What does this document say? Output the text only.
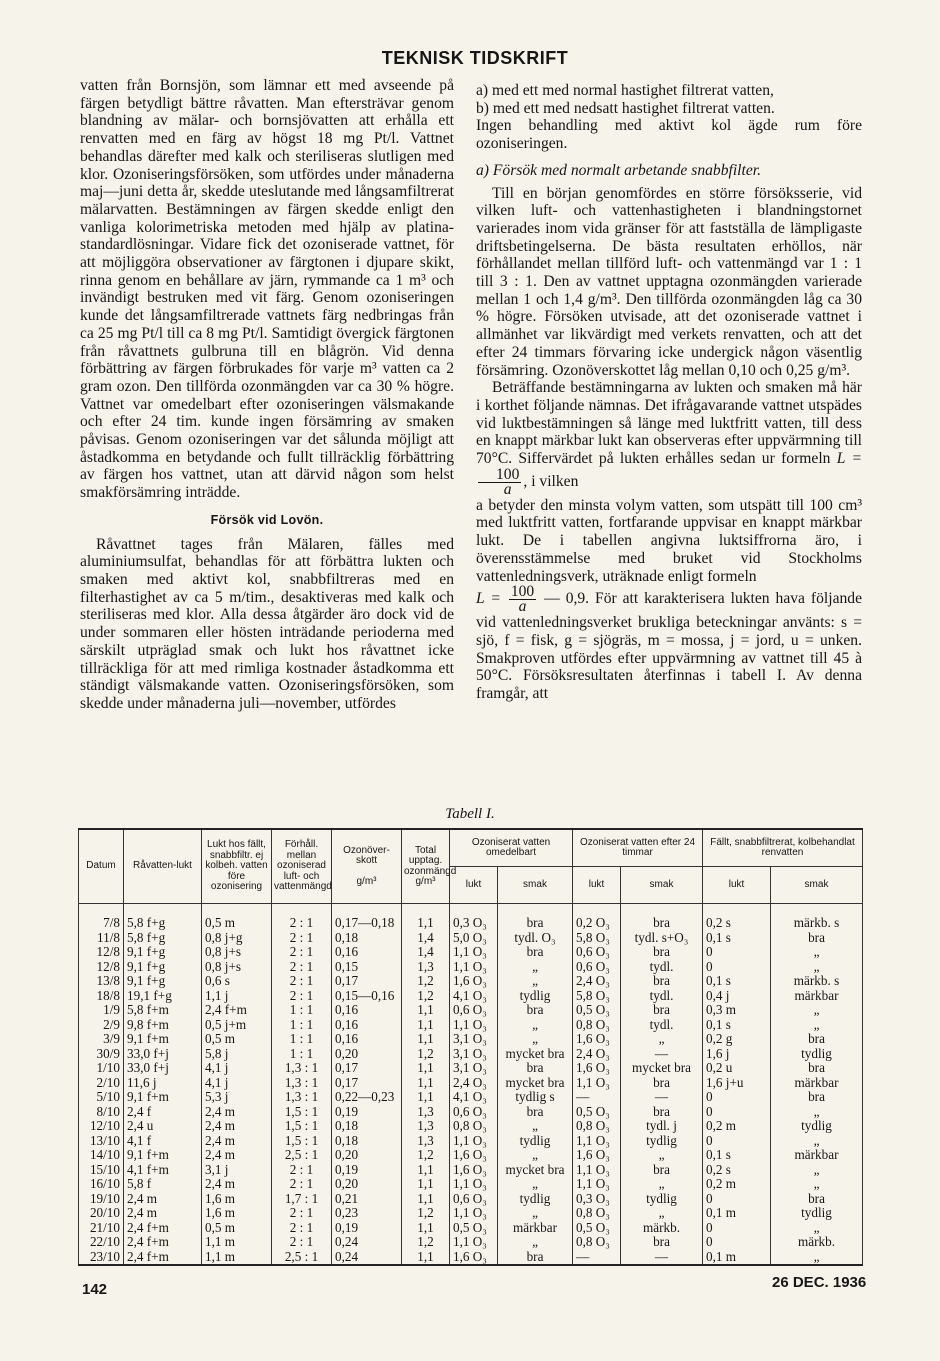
TEKNISK TIDSKRIFT

vatten från Bornsjön, som lämnar ett med avseende på färgen betydligt bättre råvatten. Man eftersträvar genom blandning av mälar- och bornsjövatten att erhålla ett renvatten med en färg av högst 18 mg Pt/l. Vattnet behandlas därefter med kalk och steriliseras slutligen med klor. Ozoniseringsförsöken, som utfördes under månaderna maj—juni detta år, skedde uteslutande med långsamfiltrerat mälarvatten. Bestämningen av färgen skedde enligt den vanliga kolorimetriska metoden med hjälp av platina-standardlösningar. Vidare fick det ozoniserade vattnet, för att möjliggöra observationer av färgtonen i djupare skikt, rinna genom en behållare av järn, rymmande ca 1 m³ och invändigt bestruken med vit färg. Genom ozoniseringen kunde det långsamfiltrerade vattnets färg nedbringas från ca 25 mg Pt/l till ca 8 mg Pt/l. Samtidigt övergick färgtonen från råvattnets gulbruna till en blågrön. Vid denna förbättring av färgen förbrukades för varje m³ vatten ca 2 gram ozon. Den tillförda ozonmängden var ca 30 % högre. Vattnet var omedelbart efter ozoniseringen välsmakande och efter 24 tim. kunde ingen försämring av smaken påvisas. Genom ozoniseringen var det sålunda möjligt att åstadkomma en betydande och fullt tillräcklig förbättring av färgen hos vattnet, utan att därvid någon som helst smakförsämring inträdde.

Försök vid Lovön.

Råvattnet tages från Mälaren, fälles med aluminiumsulfat, behandlas för att förbättra lukten och smaken med aktivt kol, snabbfiltreras med en filterhastighet av ca 5 m/tim., desaktiveras med kalk och steriliseras med klor. Alla dessa åtgärder äro dock vid de under sommaren eller hösten inträdande perioderna med särskilt utpräglad smak och lukt hos råvattnet icke tillräckliga för att med rimliga kostnader åstadkomma ett ständigt välsmakande vatten. Ozoniseringsförsöken, som skedde under månaderna juli—november, utfördes

a) med ett med normal hastighet filtrerat vatten,

b) med ett med nedsatt hastighet filtrerat vatten.

Ingen behandling med aktivt kol ägde rum före ozoniseringen.

a) Försök med normalt arbetande snabbfilter.

Till en början genomfördes en större försöksserie, vid vilken luft- och vattenhastigheten i blandningstornet varierades inom vida gränser för att fastställa de lämpligaste driftsbetingelserna. De bästa resultaten erhöllos, när förhållandet mellan tillförd luft- och vattenmängd var 1 : 1 till 3 : 1. Den av vattnet upptagna ozonmängden varierade mellan 1 och 1,4 g/m³. Den tillförda ozonmängden låg ca 30 % högre. Försöken utvisade, att det ozoniserade vattnet i allmänhet var likvärdigt med verkets renvatten, och att det efter 24 timmars förvaring icke undergick någon väsentlig försämring. Ozonöverskottet låg mellan 0,10 och 0,25 g/m³.

Beträffande bestämningarna av lukten och smaken må här i korthet följande nämnas. Det ifrågavarande vattnet utspädes vid luktbestämningen så länge med luktfritt vatten, till dess en knappt märkbar lukt kan observeras efter uppvärmning till 70°C. Siffervärdet på lukten erhålles sedan ur formeln L =
$\frac{100}{a}$ , i vilken

a betyder den minsta volym vatten, som utspätt till 100 cm³ med luktfritt vatten, fortfarande uppvisar en knappt märkbar lukt. De i tabellen angivna luktsiffrorna äro, i överensstämmelse med bruket vid Stockholms vattenledningsverk, uträknade enligt formeln

$L = \frac{100}{a}$ — 0,9. För att karakterisera lukten hava följande vid vattenledningsverket brukliga beteckningar använts: s = sjö, f = fisk, g = sjögräs, m = mossa, j = jord, u = unken. Smakproven utfördes efter uppvärmning av vattnet till 45 à 50°C. Försöksresultaten återfinnas i tabell I. Av denna framgår, att

Tabell I.
Datum	Råvatten-lukt	Lukt hos fällt, snabbfiltr. ej kolbeh. vatten före ozonisering	Förhåll. mellan ozoniserad luft- och vattenmängd	Ozonöver-skott

g/m³	Total upptag. ozonmängd
g/m³	Ozoniserat vatten omedelbart		Ozoniserat vatten efter 24 timmar		Fällt, snabbfiltrerat, kolbehandlat renvatten	
						lukt	smak	lukt	smak	lukt	smak
7/8	5,8 f+g	0,5 m	2 : 1	0,17—0,18	1,1	0,3 O₃	bra	0,2 O₃	bra	0,2 s	märkb. s
11/8	5,8 f+g	0,8 j+g	2 : 1	0,18	1,4	5,0 O₃	tydl. O₃	5,8 O₃	tydl. s+O₃	0,1 s	bra
12/8	9,1 f+g	0,8 j+s	2 : 1	0,16	1,4	1,1 O₃	bra	0,6 O₃	bra	0	„
12/8	9,1 f+g	0,8 j+s	2 : 1	0,15	1,3	1,1 O₃	„	0,6 O₃	tydl.	0	„
13/8	9,1 f+g	0,6 s	2 : 1	0,17	1,2	1,6 O₃	„	2,4 O₃	bra	0,1 s	märkb. s
18/8	19,1 f+g	1,1 j	2 : 1	0,15—0,16	1,2	4,1 O₃	tydlig	5,8 O₃	tydl.	0,4 j	märkbar
1/9	5,8 f+m	2,4 f+m	1 : 1	0,16	1,1	0,6 O₃	bra	0,5 O₃	bra	0,3 m	„
2/9	9,8 f+m	0,5 j+m	1 : 1	0,16	1,1	1,1 O₃	„	0,8 O₃	tydl.	0,1 s	„
3/9	9,1 f+m	0,5 m	1 : 1	0,16	1,1	3,1 O₃	„	1,6 O₃	„	0,2 g	bra
30/9	33,0 f+j	5,8 j	1 : 1	0,20	1,2	3,1 O₃	mycket bra	2,4 O₃	—	1,6 j	tydlig
1/10	33,0 f+j	4,1 j	1,3 : 1	0,17	1,1	3,1 O₃	bra	1,6 O₃	mycket bra	0,2 u	bra
2/10	11,6 j	4,1 j	1,3 : 1	0,17	1,1	2,4 O₃	mycket bra	1,1 O₃	bra	1,6 j+u	märkbar
5/10	9,1 f+m	5,3 j	1,3 : 1	0,22—0,23	1,1	4,1 O₃	tydlig s	—	—	0	bra
8/10	2,4 f	2,4 m	1,5 : 1	0,19	1,3	0,6 O₃	bra	0,5 O₃	bra	0	„
12/10	2,4 u	2,4 m	1,5 : 1	0,18	1,3	0,8 O₃	„	0,8 O₃	tydl. j	0,2 m	tydlig
13/10	4,1 f	2,4 m	1,5 : 1	0,18	1,3	1,1 O₃	tydlig	1,1 O₃	tydlig	0	„
14/10	9,1 f+m	2,4 m	2,5 : 1	0,20	1,2	1,6 O₃	„	1,6 O₃	„	0,1 s	märkbar
15/10	4,1 f+m	3,1 j	2 : 1	0,19	1,1	1,6 O₃	mycket bra	1,1 O₃	bra	0,2 s	„
16/10	5,8 f	2,4 m	2 : 1	0,20	1,1	1,1 O₃	„	1,1 O₃	„	0,2 m	„
19/10	2,4 m	1,6 m	1,7 : 1	0,21	1,1	0,6 O₃	tydlig	0,3 O₃	tydlig	0	bra
20/10	2,4 m	1,6 m	2 : 1	0,23	1,2	1,1 O₃	„	0,8 O₃	„	0,1 m	tydlig
21/10	2,4 f+m	0,5 m	2 : 1	0,19	1,1	0,5 O₃	märkbar	0,5 O₃	märkb.	0	„
22/10	2,4 f+m	1,1 m	2 : 1	0,24	1,2	1,1 O₃	„	0,8 O₃	bra	0	märkb.
23/10	2,4 f+m	1,1 m	2,5 : 1	0,24	1,1	1,6 O₃	bra	—	—	0,1 m	„
142	26 DEC. 1936
